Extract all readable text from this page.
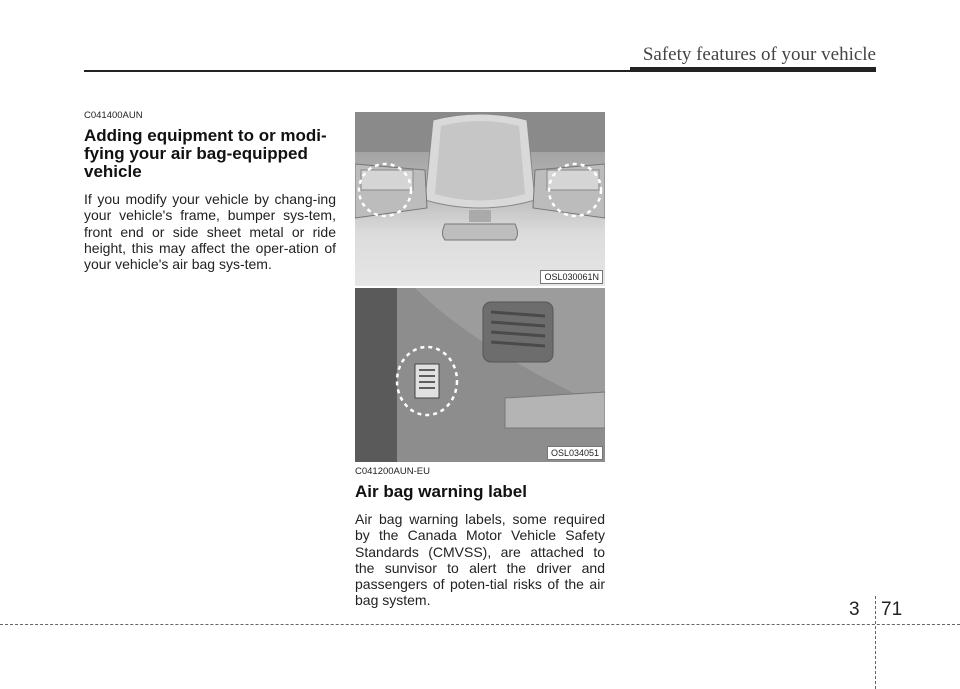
Safety features of your vehicle
C041400AUN
Adding equipment to or modi-fying your air bag-equipped vehicle

If you modify your vehicle by chang-ing your vehicle's frame, bumper sys-tem, front end or side sheet metal or ride height, this may affect the oper-ation of your vehicle's air bag sys-tem.

OSL030061N
OSL034051
C041200AUN-EU
Air bag warning label

Air bag warning labels, some required by the Canada Motor Vehicle Safety Standards (CMVSS), are attached to the sunvisor to alert the driver and passengers of poten-tial risks of the air bag system.	3 71
